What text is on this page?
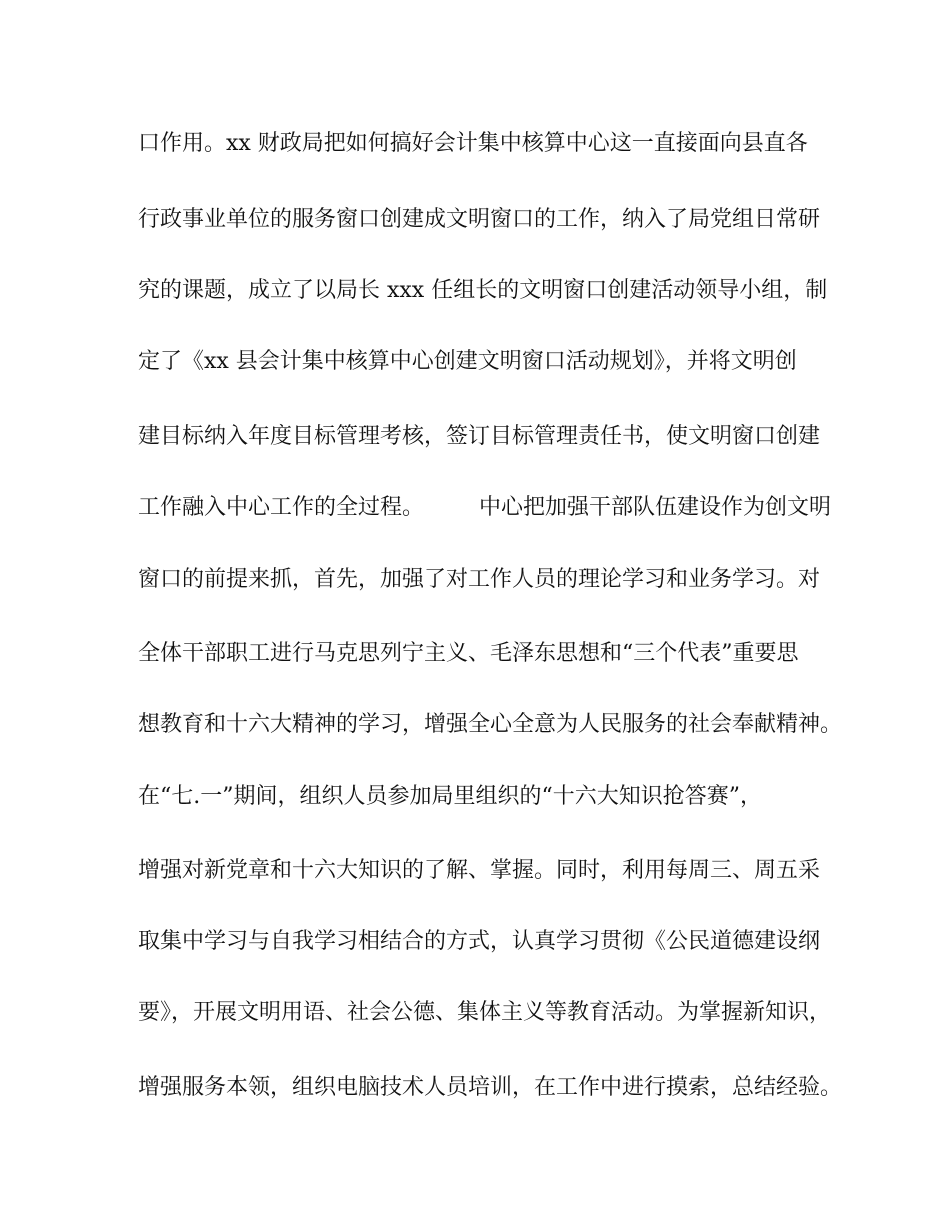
口作用。xx 财政局把如何搞好会计集中核算中心这一直接面向县直各
行政事业单位的服务窗口创建成文明窗口的工作，纳入了局党组日常研
究的课题，成立了以局长 xxx 任组长的文明窗口创建活动领导小组，制
定了《xx 县会计集中核算中心创建文明窗口活动规划》，并将文明创
建目标纳入年度目标管理考核，签订目标管理责任书，使文明窗口创建
工作融入中心工作的全过程。　　　中心把加强干部队伍建设作为创文明
窗口的前提来抓，首先，加强了对工作人员的理论学习和业务学习。对
全体干部职工进行马克思列宁主义、毛泽东思想和“三个代表”重要思
想教育和十六大精神的学习，增强全心全意为人民服务的社会奉献精神。
在“七.一”期间，组织人员参加局里组织的“十六大知识抢答赛”，
增强对新党章和十六大知识的了解、掌握。同时，利用每周三、周五采
取集中学习与自我学习相结合的方式，认真学习贯彻《公民道德建设纲
要》，开展文明用语、社会公德、集体主义等教育活动。为掌握新知识，
增强服务本领，组织电脑技术人员培训，在工作中进行摸索，总结经验。
